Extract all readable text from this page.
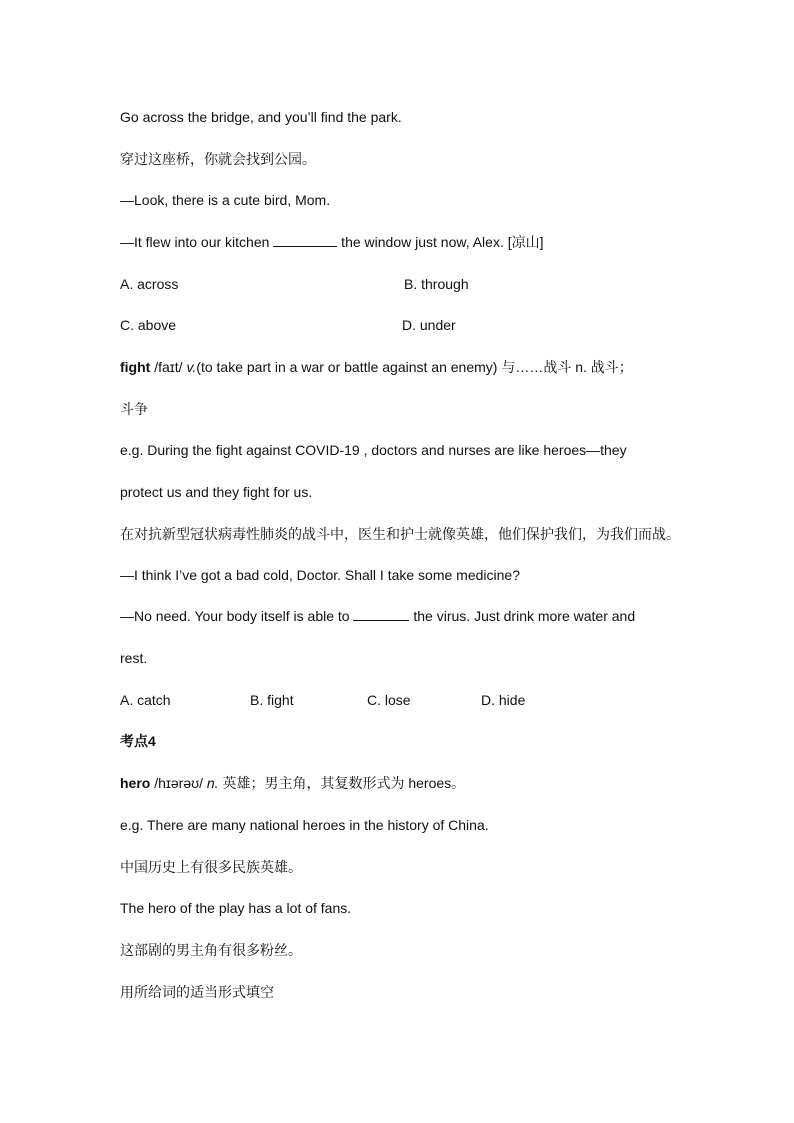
Go across the bridge, and you’ll find the park.
穿过这座桥，你就会找到公园。
—Look, there is a cute bird, Mom.
—It flew into our kitchen	the window just now, Alex. [凉山]
A. across	B. through
C. above	D. under
fight /faɪt/ v.(to take part in a war or battle against an enemy) 与……战斗 n. 战斗；
斗争
e.g. During the fight against COVID-19 , doctors and nurses are like heroes—they
protect us and they fight for us.
在对抗新型冠状病毒性肺炎的战斗中，医生和护士就像英雄，他们保护我们，为我们而战。
—I think I’ve got a bad cold, Doctor. Shall I take some medicine?
—No need. Your body itself is able to	the virus. Just drink more water and
rest.
A. catch	B. fight	C. lose	D. hide
考点4
hero /hɪərəʊ/ n. 英雄；男主角，其复数形式为 heroes。
e.g. There are many national heroes in the history of China.
中国历史上有很多民族英雄。
The hero of the play has a lot of fans.
这部剧的男主角有很多粉丝。
用所给词的适当形式填空
